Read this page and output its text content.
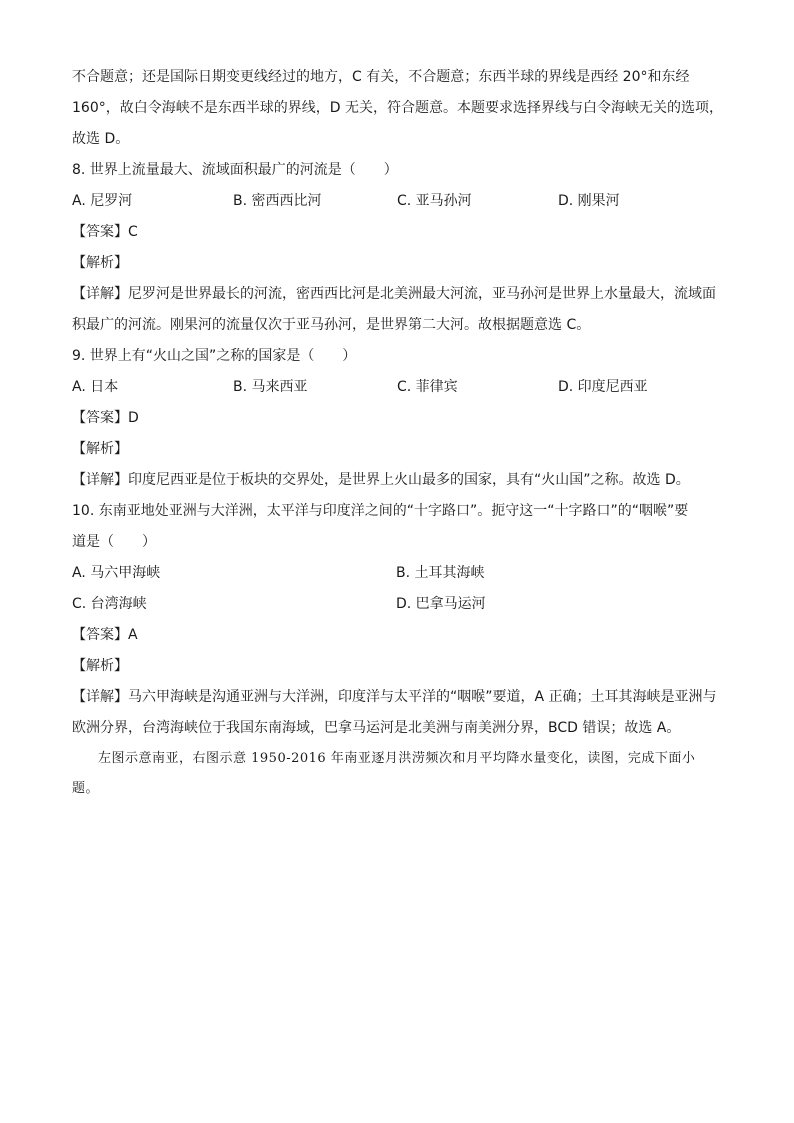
不合题意；还是国际日期变更线经过的地方，C 有关，不合题意；东西半球的界线是西经 20°和东经

160°，故白令海峡不是东西半球的界线，D 无关，符合题意。本题要求选择界线与白令海峡无关的选项，

故选 D。

8. 世界上流量最大、流域面积最广的河流是（　　）

A. 尼罗河	B. 密西西比河	C. 亚马孙河	D. 刚果河

【答案】C

【解析】

【详解】尼罗河是世界最长的河流，密西西比河是北美洲最大河流，亚马孙河是世界上水量最大，流域面

积最广的河流。刚果河的流量仅次于亚马孙河，是世界第二大河。故根据题意选 C。

9. 世界上有“火山之国”之称的国家是（　　）

A. 日本	B. 马来西亚	C. 菲律宾	D. 印度尼西亚

【答案】D

【解析】

【详解】印度尼西亚是位于板块的交界处，是世界上火山最多的国家，具有“火山国”之称。故选 D。

10. 东南亚地处亚洲与大洋洲，太平洋与印度洋之间的“十字路口”。扼守这一“十字路口”的“咽喉”要

道是（　　）

A. 马六甲海峡	B. 土耳其海峡
C. 台湾海峡	D. 巴拿马运河

【答案】A

【解析】

【详解】马六甲海峡是沟通亚洲与大洋洲，印度洋与太平洋的“咽喉”要道，A 正确；土耳其海峡是亚洲与

欧洲分界，台湾海峡位于我国东南海域，巴拿马运河是北美洲与南美洲分界，BCD 错误；故选 A。

左图示意南亚，右图示意 1950-2016 年南亚逐月洪涝频次和月平均降水量变化，读图，完成下面小

题。
